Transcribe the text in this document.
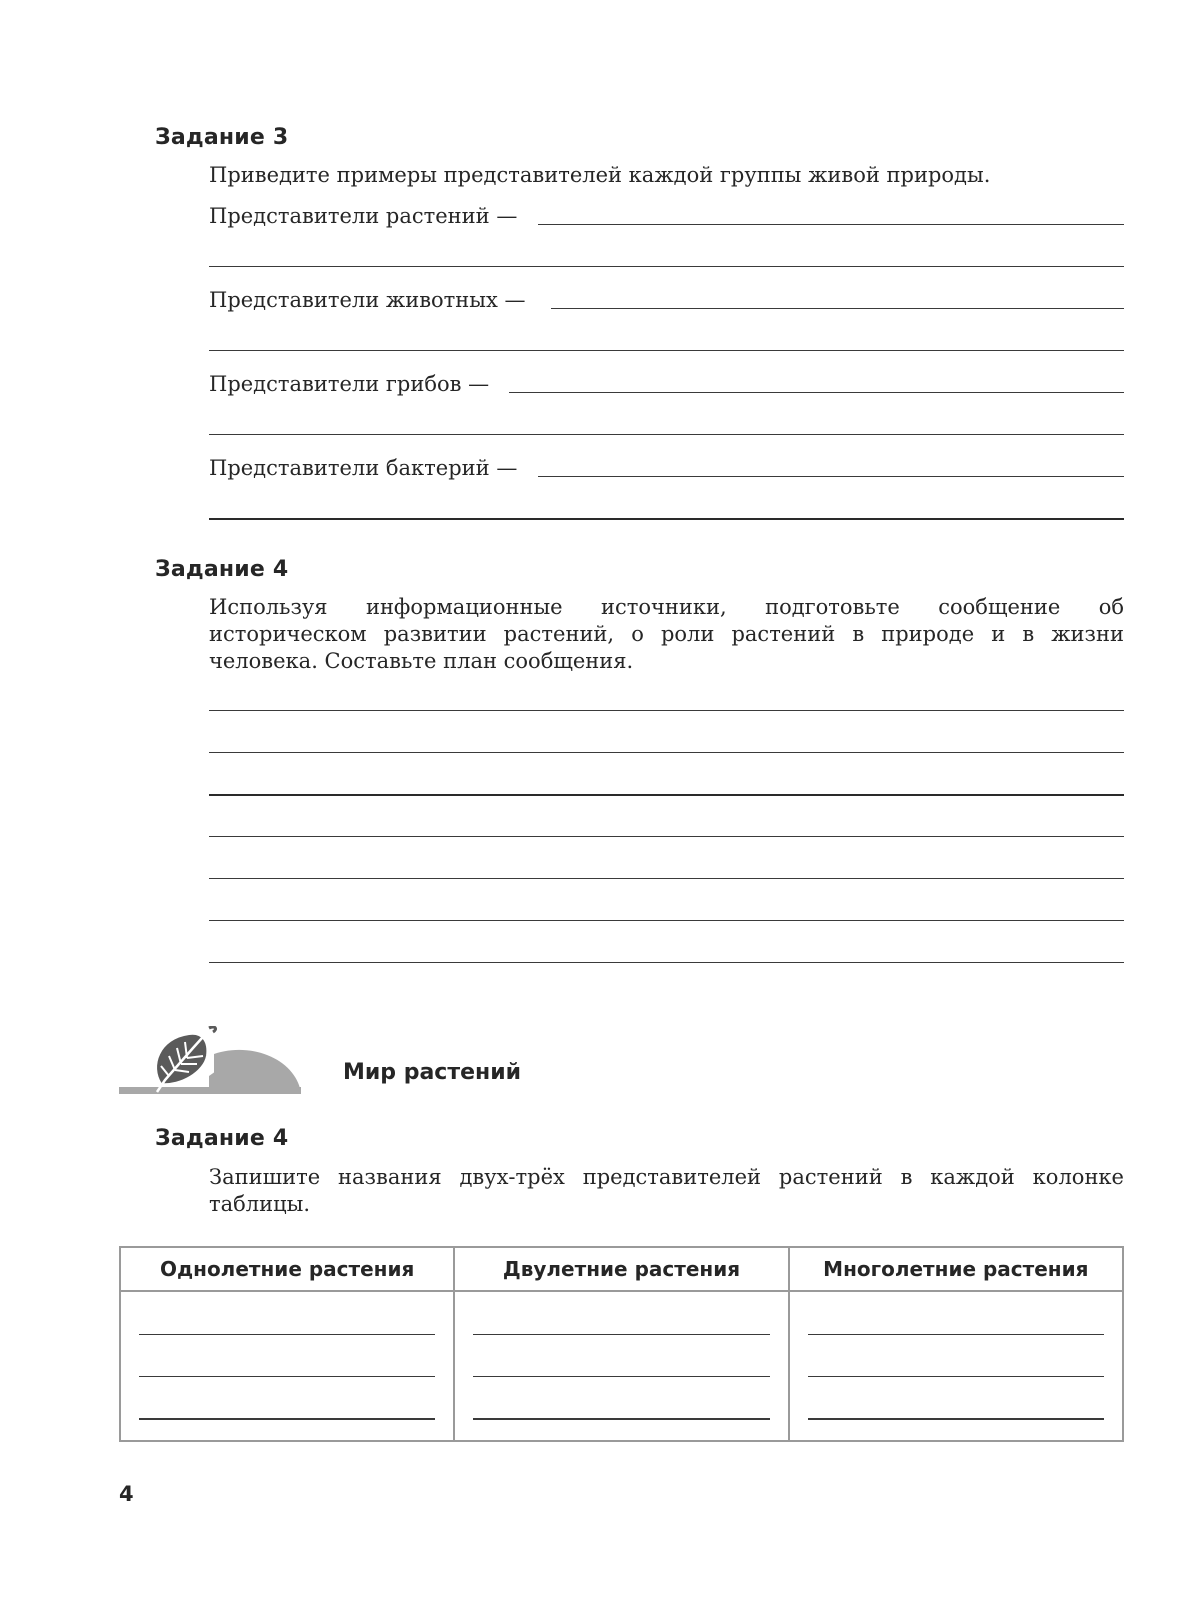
Задание 3
Приведите примеры представителей каждой группы живой природы.
Представители растений —
Представители животных —
Представители грибов —
Представители бактерий —
Задание 4
Используя информационные источники, подготовьте сообщение об историческом развитии растений, о роли растений в природе и в жизни человека. Составьте план сообщения.
Мир растений
Задание 4
Запишите названия двух-трёх представителей растений в каждой колонке таблицы.
Однолетние растения	Двулетние растения	Многолетние растения

4
